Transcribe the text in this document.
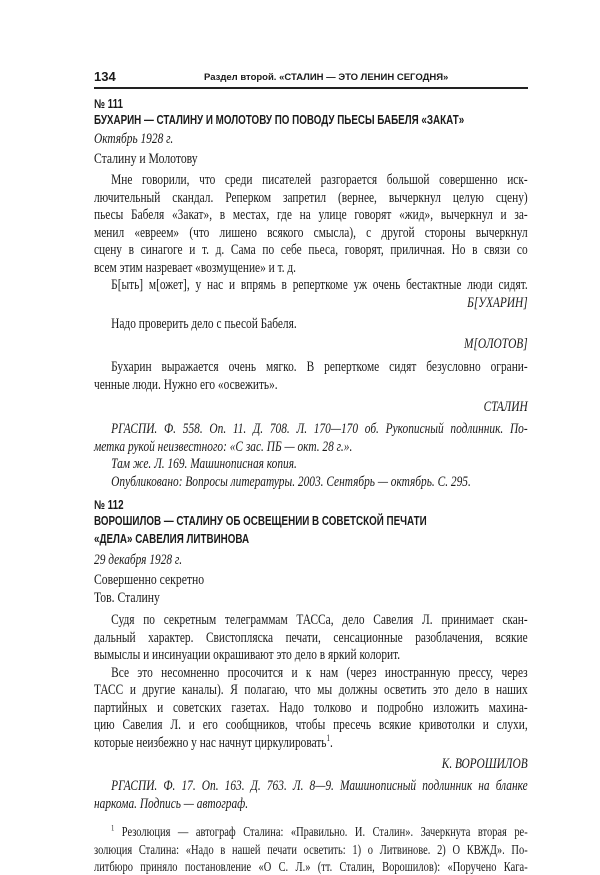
134	Раздел второй. «СТАЛИН — ЭТО ЛЕНИН СЕГОДНЯ»
№ 111
БУХАРИН — СТАЛИНУ И МОЛОТОВУ ПО ПОВОДУ ПЬЕСЫ БАБЕЛЯ «ЗАКАТ»
Октябрь 1928 г.
Сталину и Молотову
Мне говорили, что среди писателей разгорается большой совершенно иск-
лючительный скандал. Реперком запретил (вернее, вычеркнул целую сцену)
пьесы Бабеля «Закат», в местах, где на улице говорят «жид», вычеркнул и за-
менил «евреем» (что лишено всякого смысла), с другой стороны вычеркнул
сцену в синагоге и т. д. Сама по себе пьеса, говорят, приличная. Но в связи со
всем этим назревает «возмущение» и т. д.
Б[ыть] м[ожет], у нас и впрямь в реперткоме уж очень бестактные люди сидят.
Б[УХАРИН]
Надо проверить дело с пьесой Бабеля.
М[ОЛОТОВ]
Бухарин выражается очень мягко. В реперткоме сидят безусловно ограни-
ченные люди. Нужно его «освежить».
СТАЛИН
РГАСПИ. Ф. 558. Оп. 11. Д. 708. Л. 170—170 об. Рукописный подлинник. По-
метка рукой неизвестного: «С зас. ПБ — окт. 28 г.».
Там же. Л. 169. Машинописная копия.
Опубликовано: Вопросы литературы. 2003. Сентябрь — октябрь. С. 295.
№ 112
ВОРОШИЛОВ — СТАЛИНУ ОБ ОСВЕЩЕНИИ В СОВЕТСКОЙ ПЕЧАТИ
«ДЕЛА» САВЕЛИЯ ЛИТВИНОВА
29 декабря 1928 г.
Совершенно секретно
Тов. Сталину
Судя по секретным телеграммам ТАССа, дело Савелия Л. принимает скан-
дальный характер. Свистопляска печати, сенсационные разоблачения, всякие
вымыслы и инсинуации окрашивают это дело в яркий колорит.
Все это несомненно просочится и к нам (через иностранную прессу, через
ТАСС и другие каналы). Я полагаю, что мы должны осветить это дело в наших
партийных и советских газетах. Надо толково и подробно изложить махина-
цию Савелия Л. и его сообщников, чтобы пресечь всякие кривотолки и слухи,
которые неизбежно у нас начнут циркулировать$^1$.
К. ВОРОШИЛОВ
РГАСПИ. Ф. 17. Оп. 163. Д. 763. Л. 8—9. Машинописный подлинник на бланке
наркома. Подпись — автограф.
$^1$ Резолюция — автограф Сталина: «Правильно. И. Сталин». Зачеркнута вторая ре-
золюция Сталина: «Надо в нашей печати осветить: 1) о Литвинове. 2) О КВЖД». По-
литбюро приняло постановление «О С. Л.» (тт. Сталин, Ворошилов): «Поручено Кага-
